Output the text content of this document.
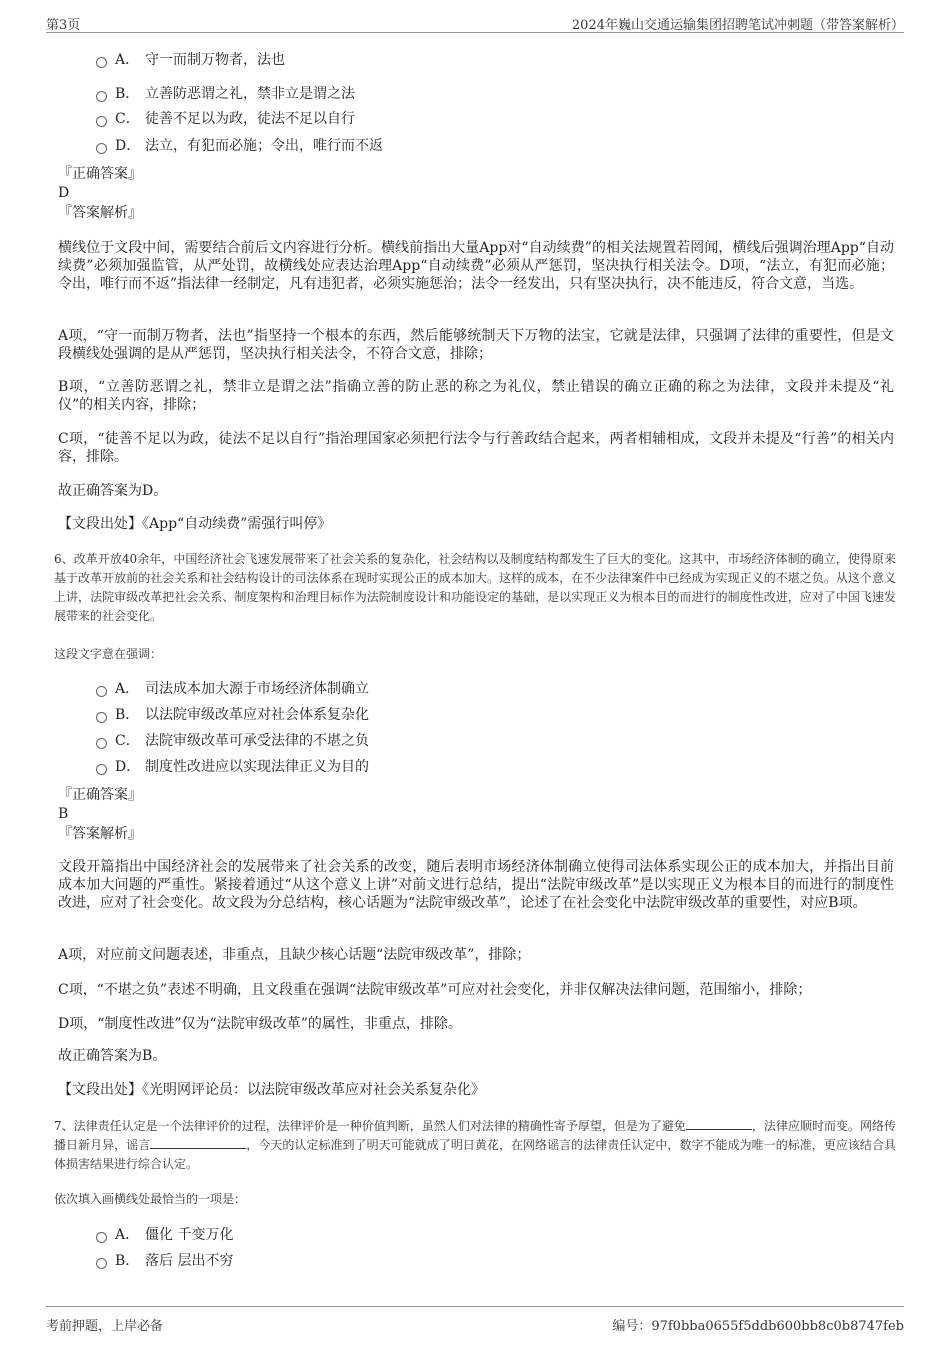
第3页	2024年巍山交通运输集团招聘笔试冲刺题（带答案解析）
A． 守一而制万物者，法也
B． 立善防恶谓之礼，禁非立是谓之法
C． 徒善不足以为政，徒法不足以自行
D． 法立，有犯而必施；令出，唯行而不返
『正确答案』
D
『答案解析』
横线位于文段中间，需要结合前后文内容进行分析。横线前指出大量App对“自动续费”的相关法规置若罔闻，横线后强调治理App“自动续费”必须加强监管，从严处罚，故横线处应表达治理App“自动续费”必须从严惩罚，坚决执行相关法令。D项，“法立，有犯而必施；令出，唯行而不返”指法律一经制定，凡有违犯者，必须实施惩治；法令一经发出，只有坚决执行，决不能违反，符合文意，当选。
A项，“守一而制万物者，法也”指坚持一个根本的东西，然后能够统制天下万物的法宝，它就是法律，只强调了法律的重要性，但是文段横线处强调的是从严惩罚，坚决执行相关法令，不符合文意，排除；
B项，“立善防恶谓之礼，禁非立是谓之法”指确立善的防止恶的称之为礼仪，禁止错误的确立正确的称之为法律，文段并未提及“礼仪”的相关内容，排除；
C项，“徒善不足以为政，徒法不足以自行”指治理国家必须把行法令与行善政结合起来，两者相辅相成，文段并未提及“行善”的相关内容，排除。
故正确答案为D。
【文段出处】《App“自动续费”需强行叫停》
6、改革开放40余年，中国经济社会飞速发展带来了社会关系的复杂化，社会结构以及制度结构都发生了巨大的变化。这其中，市场经济体制的确立，使得原来基于改革开放前的社会关系和社会结构设计的司法体系在现时实现公正的成本加大。这样的成本，在不少法律案件中已经成为实现正义的不堪之负。从这个意义上讲，法院审级改革把社会关系、制度架构和治理目标作为法院制度设计和功能设定的基础，是以实现正义为根本目的而进行的制度性改进，应对了中国飞速发展带来的社会变化。
这段文字意在强调：
A． 司法成本加大源于市场经济体制确立
B． 以法院审级改革应对社会体系复杂化
C． 法院审级改革可承受法律的不堪之负
D． 制度性改进应以实现法律正义为目的
『正确答案』
B
『答案解析』
文段开篇指出中国经济社会的发展带来了社会关系的改变，随后表明市场经济体制确立使得司法体系实现公正的成本加大，并指出目前成本加大问题的严重性。紧接着通过“从这个意义上讲”对前文进行总结，提出“法院审级改革”是以实现正义为根本目的而进行的制度性改进，应对了社会变化。故文段为分总结构，核心话题为“法院审级改革”，论述了在社会变化中法院审级改革的重要性，对应B项。
A项，对应前文问题表述，非重点，且缺少核心话题“法院审级改革”，排除；
C项，“不堪之负”表述不明确，且文段重在强调“法院审级改革”可应对社会变化，并非仅解决法律问题，范围缩小，排除；
D项，“制度性改进”仅为“法院审级改革”的属性，非重点，排除。
故正确答案为B。
【文段出处】《光明网评论员：以法院审级改革应对社会关系复杂化》
7、法律责任认定是一个法律评价的过程，法律评价是一种价值判断，虽然人们对法律的精确性寄予厚望，但是为了避免	，法律应顺时而变。网络传播日新月异，谣言	，今天的认定标准到了明天可能就成了明日黄花，在网络谣言的法律责任认定中，数字不能成为唯一的标准，更应该结合具体损害结果进行综合认定。
依次填入画横线处最恰当的一项是：
A． 僵化 千变万化
B． 落后 层出不穷
考前押题，上岸必备	编号：97f0bba0655f5ddb600bb8c0b8747feb
